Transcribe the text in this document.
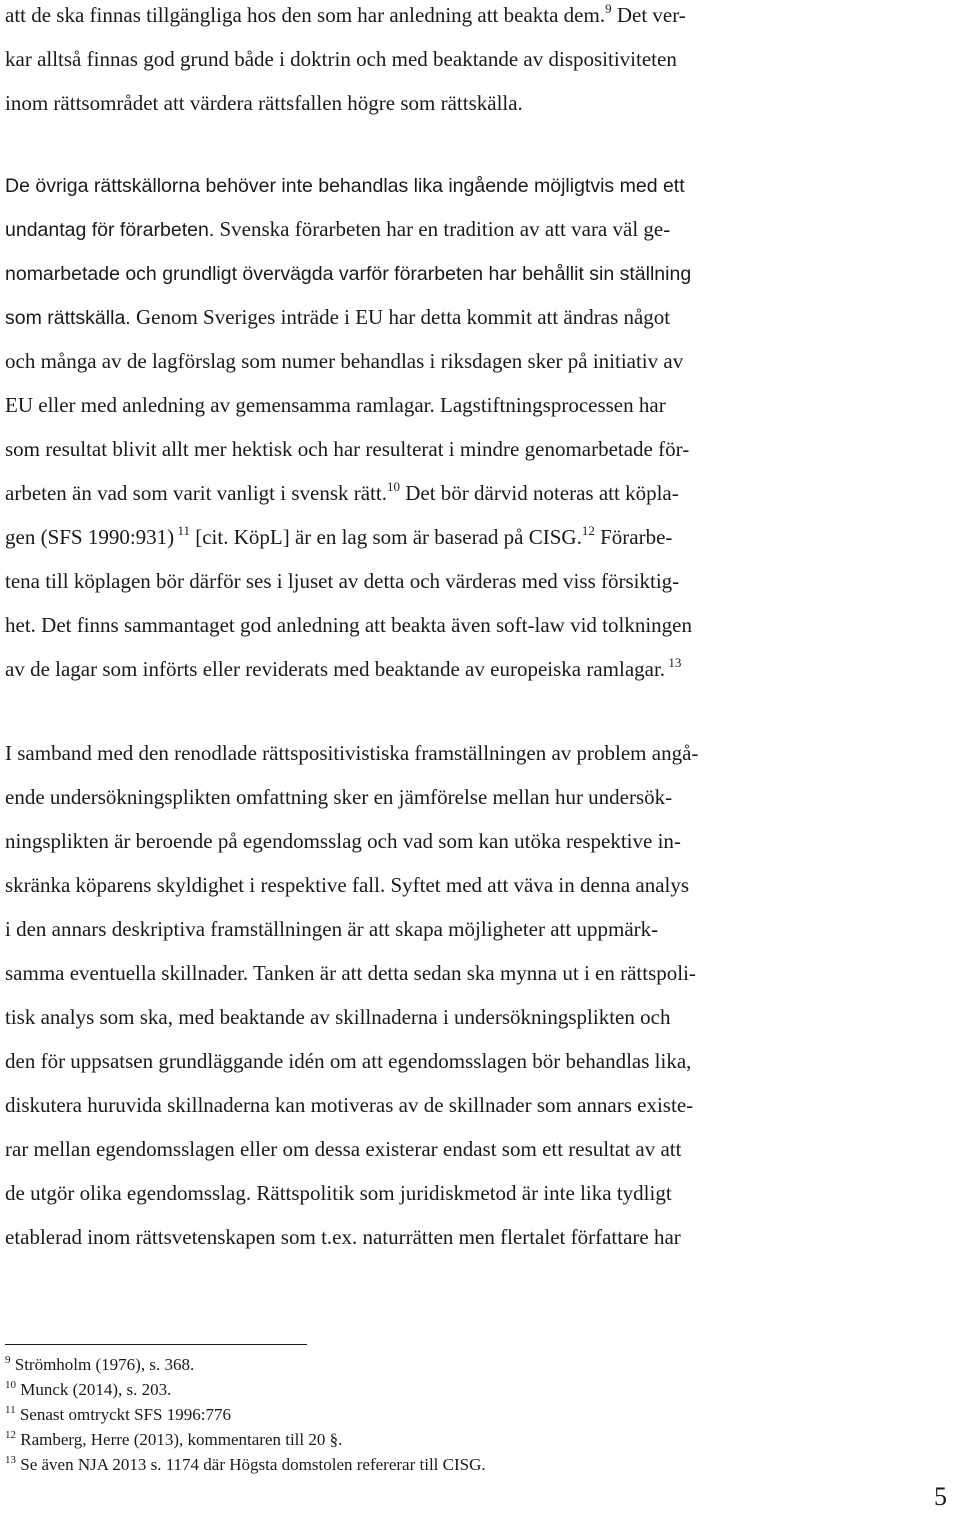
att de ska finnas tillgängliga hos den som har anledning att beakta dem.$^9$ Det ver-
kar alltså finnas god grund både i doktrin och med beaktande av dispositiviteten
inom rättsområdet att värdera rättsfallen högre som rättskälla.
De övriga rättskällorna behöver inte behandlas lika ingående möjligtvis med ett
undantag för förarbeten. Svenska förarbeten har en tradition av att vara väl ge-
nomarbetade och grundligt övervägda varför förarbeten har behållit sin ställning
som rättskälla. Genom Sveriges inträde i EU har detta kommit att ändras något
och många av de lagförslag som numer behandlas i riksdagen sker på initiativ av
EU eller med anledning av gemensamma ramlagar. Lagstiftningsprocessen har
som resultat blivit allt mer hektisk och har resulterat i mindre genomarbetade för-
arbeten än vad som varit vanligt i svensk rätt.$^{10}$ Det bör därvid noteras att köpla-
gen (SFS 1990:931) $^{11}$ [cit. KöpL] är en lag som är baserad på CISG.$^{12}$ Förarbe-
tena till köplagen bör därför ses i ljuset av detta och värderas med viss försiktig-
het. Det finns sammantaget god anledning att beakta även soft-law vid tolkningen
av de lagar som införts eller reviderats med beaktande av europeiska ramlagar. $^{13}$
I samband med den renodlade rättspositivistiska framställningen av problem angå-
ende undersökningsplikten omfattning sker en jämförelse mellan hur undersök-
ningsplikten är beroende på egendomsslag och vad som kan utöka respektive in-
skränka köparens skyldighet i respektive fall. Syftet med att väva in denna analys
i den annars deskriptiva framställningen är att skapa möjligheter att uppmärk-
samma eventuella skillnader. Tanken är att detta sedan ska mynna ut i en rättspoli-
tisk analys som ska, med beaktande av skillnaderna i undersökningsplikten och
den för uppsatsen grundläggande idén om att egendomsslagen bör behandlas lika,
diskutera huruvida skillnaderna kan motiveras av de skillnader som annars existe-
rar mellan egendomsslagen eller om dessa existerar endast som ett resultat av att
de utgör olika egendomsslag. Rättspolitik som juridiskmetod är inte lika tydligt
etablerad inom rättsvetenskapen som t.ex. naturrätten men flertalet författare har
$^9$ Strömholm (1976), s. 368.
$^{10}$ Munck (2014), s. 203.
$^{11}$ Senast omtryckt SFS 1996:776
$^{12}$ Ramberg, Herre (2013), kommentaren till 20 §.
$^{13}$ Se även NJA 2013 s. 1174 där Högsta domstolen refererar till CISG.
5
